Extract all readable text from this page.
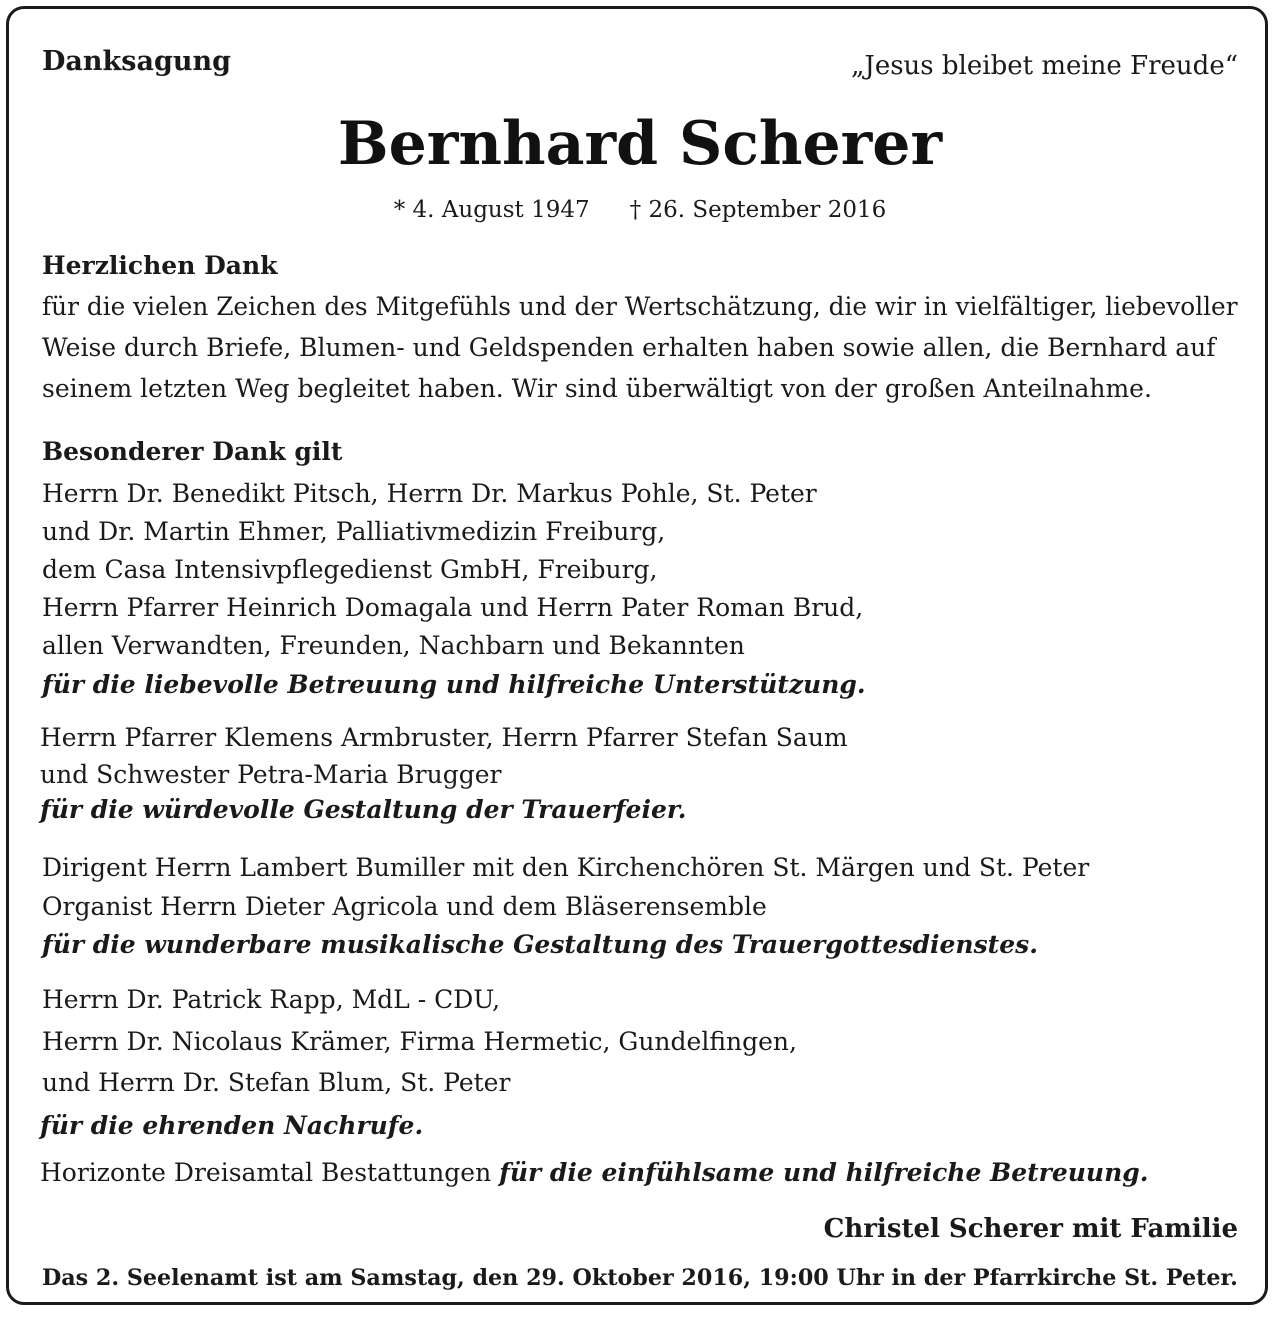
Danksagung	„Jesus bleibet meine Freude“

Bernhard Scherer

* 4. August 1947 † 26. September 2016

Herzlichen Dank

für die vielen Zeichen des Mitgefühls und der Wertschätzung, die wir in vielfältiger, liebevoller

Weise durch Briefe, Blumen- und Geldspenden erhalten haben sowie allen, die Bernhard auf

seinem letzten Weg begleitet haben. Wir sind überwältigt von der großen Anteilnahme.

Besonderer Dank gilt

Herrn Dr. Benedikt Pitsch, Herrn Dr. Markus Pohle, St. Peter

und Dr. Martin Ehmer, Palliativmedizin Freiburg,

dem Casa Intensivpflegedienst GmbH, Freiburg,

Herrn Pfarrer Heinrich Domagala und Herrn Pater Roman Brud,

allen Verwandten, Freunden, Nachbarn und Bekannten

für die liebevolle Betreuung und hilfreiche Unterstützung.

Herrn Pfarrer Klemens Armbruster, Herrn Pfarrer Stefan Saum

und Schwester Petra-Maria Brugger

für die würdevolle Gestaltung der Trauerfeier.

Dirigent Herrn Lambert Bumiller mit den Kirchenchören St. Märgen und St. Peter

Organist Herrn Dieter Agricola und dem Bläserensemble

für die wunderbare musikalische Gestaltung des Trauergottesdienstes.

Herrn Dr. Patrick Rapp, MdL - CDU,

Herrn Dr. Nicolaus Krämer, Firma Hermetic, Gundelfingen,

und Herrn Dr. Stefan Blum, St. Peter

für die ehrenden Nachrufe.

Horizonte Dreisamtal Bestattungen für die einfühlsame und hilfreiche Betreuung.

Christel Scherer mit Familie

Das 2. Seelenamt ist am Samstag, den 29. Oktober 2016, 19:00 Uhr in der Pfarrkirche St. Peter.
